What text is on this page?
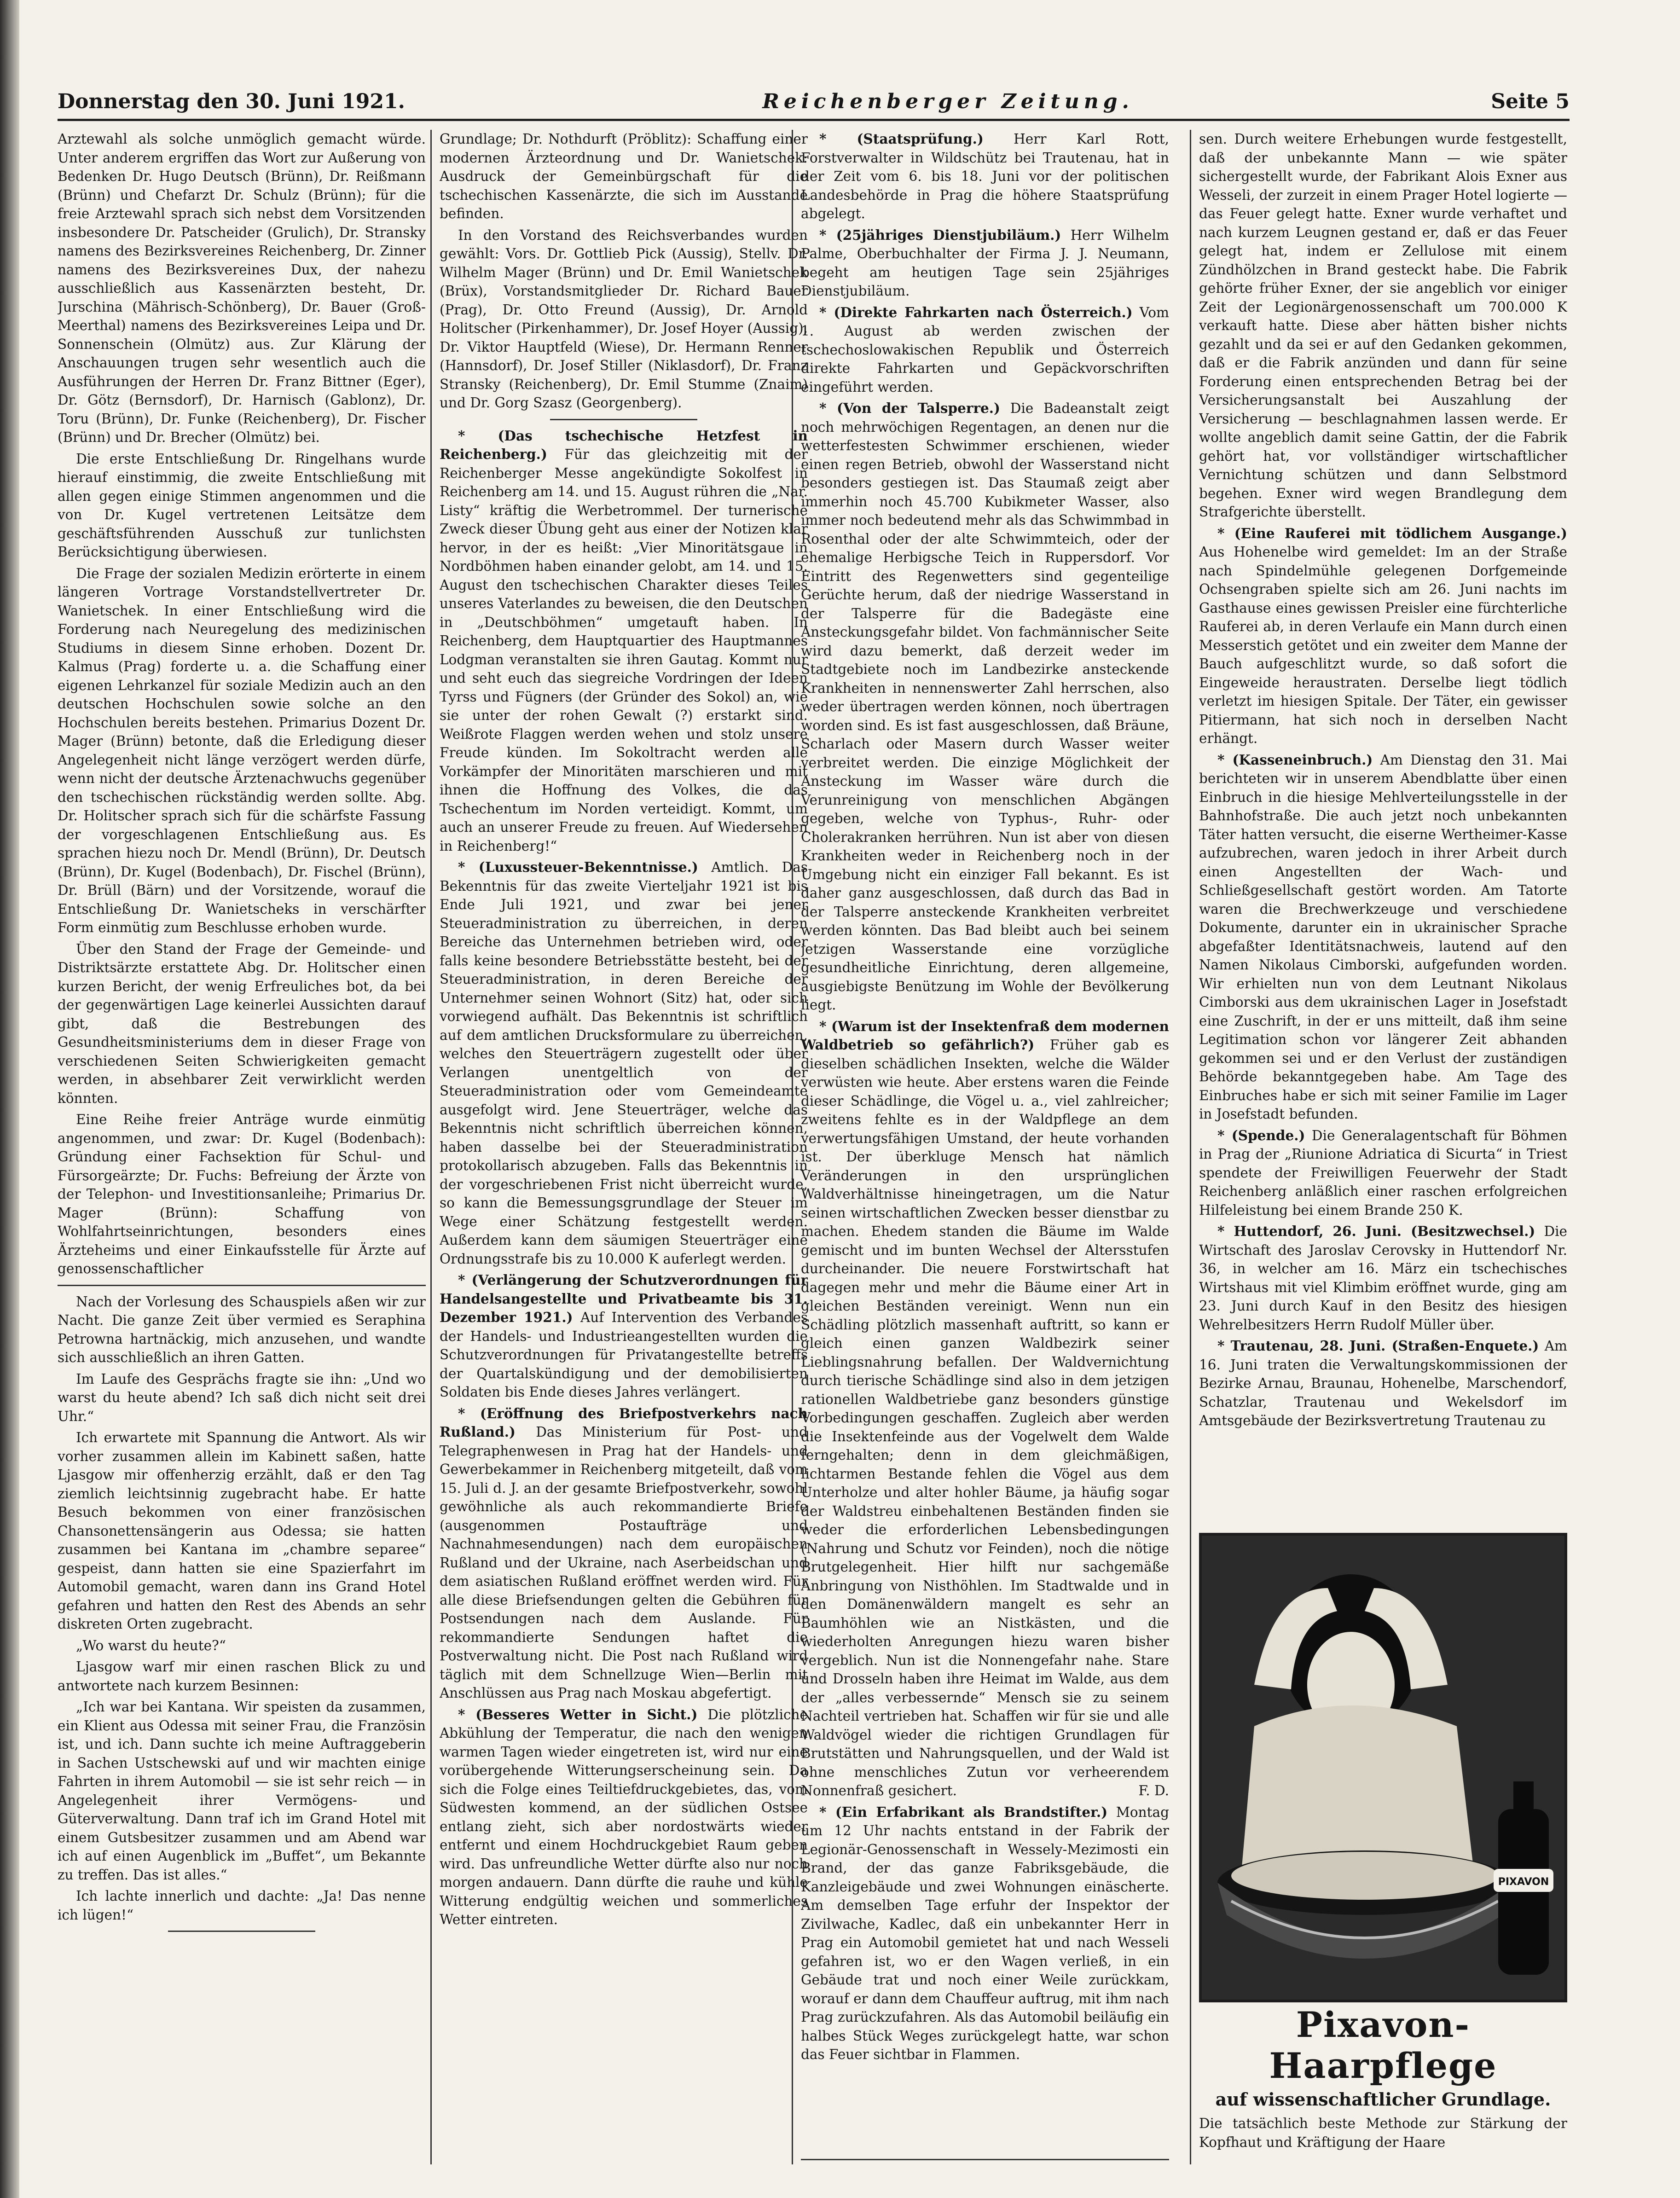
Donnerstag den 30. Juni 1921.	Reichenberger Zeitung.	Seite 5

Arztewahl als solche unmöglich gemacht würde. Unter anderem ergriffen das Wort zur Außerung von Bedenken Dr. Hugo Deutsch (Brünn), Dr. Reißmann (Brünn) und Chefarzt Dr. Schulz (Brünn); für die freie Arztewahl sprach sich nebst dem Vorsitzenden insbesondere Dr. Patscheider (Grulich), Dr. Stransky namens des Bezirksvereines Reichenberg, Dr. Zinner namens des Bezirksvereines Dux, der nahezu ausschließlich aus Kassenärzten besteht, Dr. Jurschina (Mährisch-Schönberg), Dr. Bauer (Groß-Meerthal) namens des Bezirksvereines Leipa und Dr. Sonnenschein (Olmütz) aus. Zur Klärung der Anschauungen trugen sehr wesentlich auch die Ausführungen der Herren Dr. Franz Bittner (Eger), Dr. Götz (Bernsdorf), Dr. Harnisch (Gablonz), Dr. Toru (Brünn), Dr. Funke (Reichenberg), Dr. Fischer (Brünn) und Dr. Brecher (Olmütz) bei.

Die erste Entschließung Dr. Ringelhans wurde hierauf einstimmig, die zweite Entschließung mit allen gegen einige Stimmen angenommen und die von Dr. Kugel vertretenen Leitsätze dem geschäftsführenden Ausschuß zur tunlichsten Berücksichtigung überwiesen.

Die Frage der sozialen Medizin erörterte in einem längeren Vortrage Vorstandstellvertreter Dr. Wanietschek. In einer Entschließung wird die Forderung nach Neuregelung des medizinischen Studiums in diesem Sinne erhoben. Dozent Dr. Kalmus (Prag) forderte u. a. die Schaffung einer eigenen Lehrkanzel für soziale Medizin auch an den deutschen Hochschulen sowie solche an den Hochschulen bereits bestehen. Primarius Dozent Dr. Mager (Brünn) betonte, daß die Erledigung dieser Angelegenheit nicht länge verzögert werden dürfe, wenn nicht der deutsche Ärztenachwuchs gegenüber den tschechischen rückständig werden sollte. Abg. Dr. Holitscher sprach sich für die schärfste Fassung der vorgeschlagenen Entschließung aus. Es sprachen hiezu noch Dr. Mendl (Brünn), Dr. Deutsch (Brünn), Dr. Kugel (Bodenbach), Dr. Fischel (Brünn), Dr. Brüll (Bärn) und der Vorsitzende, worauf die Entschließung Dr. Wanietscheks in verschärfter Form einmütig zum Beschlusse erhoben wurde.

Über den Stand der Frage der Gemeinde- und Distriktsärzte erstattete Abg. Dr. Holitscher einen kurzen Bericht, der wenig Erfreuliches bot, da bei der gegenwärtigen Lage keinerlei Aussichten darauf gibt, daß die Bestrebungen des Gesundheitsministeriums dem in dieser Frage von verschiedenen Seiten Schwierigkeiten gemacht werden, in absehbarer Zeit verwirklicht werden könnten.

Eine Reihe freier Anträge wurde einmütig angenommen, und zwar: Dr. Kugel (Bodenbach): Gründung einer Fachsektion für Schul- und Fürsorgeärzte; Dr. Fuchs: Befreiung der Ärzte von der Telephon- und Investitionsanleihe; Primarius Dr. Mager (Brünn): Schaffung von Wohlfahrtseinrichtungen, besonders eines Ärzteheims und einer Einkaufsstelle für Ärzte auf genossenschaftlicher

Nach der Vorlesung des Schauspiels aßen wir zur Nacht. Die ganze Zeit über vermied es Seraphina Petrowna hartnäckig, mich anzusehen, und wandte sich ausschließlich an ihren Gatten.

Im Laufe des Gesprächs fragte sie ihn: „Und wo warst du heute abend? Ich saß dich nicht seit drei Uhr.“

Ich erwartete mit Spannung die Antwort. Als wir vorher zusammen allein im Kabinett saßen, hatte Ljasgow mir offenherzig erzählt, daß er den Tag ziemlich leichtsinnig zugebracht habe. Er hatte Besuch bekommen von einer französischen Chansonettensängerin aus Odessa; sie hatten zusammen bei Kantana im „chambre separee“ gespeist, dann hatten sie eine Spazierfahrt im Automobil gemacht, waren dann ins Grand Hotel gefahren und hatten den Rest des Abends an sehr diskreten Orten zugebracht.

„Wo warst du heute?“

Ljasgow warf mir einen raschen Blick zu und antwortete nach kurzem Besinnen:

„Ich war bei Kantana. Wir speisten da zusammen, ein Klient aus Odessa mit seiner Frau, die Französin ist, und ich. Dann suchte ich meine Auftraggeberin in Sachen Ustschewski auf und wir machten einige Fahrten in ihrem Automobil — sie ist sehr reich — in Angelegenheit ihrer Vermögens- und Güterverwaltung. Dann traf ich im Grand Hotel mit einem Gutsbesitzer zusammen und am Abend war ich auf einen Augenblick im „Buffet“, um Bekannte zu treffen. Das ist alles.“

Ich lachte innerlich und dachte: „Ja! Das nenne ich lügen!“

Grundlage; Dr. Nothdurft (Pröblitz): Schaffung einer modernen Ärzteordnung und Dr. Wanietschek: Ausdruck der Gemeinbürgschaft für die tschechischen Kassenärzte, die sich im Ausstande befinden.

In den Vorstand des Reichsverbandes wurden gewählt: Vors. Dr. Gottlieb Pick (Aussig), Stellv. Dr. Wilhelm Mager (Brünn) und Dr. Emil Wanietschek (Brüx), Vorstandsmitglieder Dr. Richard Bauer (Prag), Dr. Otto Freund (Aussig), Dr. Arnold Holitscher (Pirkenhammer), Dr. Josef Hoyer (Aussig), Dr. Viktor Hauptfeld (Wiese), Dr. Hermann Renner (Hannsdorf), Dr. Josef Stiller (Niklasdorf), Dr. Franz Stransky (Reichenberg), Dr. Emil Stumme (Znaim) und Dr. Gorg Szasz (Georgenberg).

* (Das tschechische Hetzfest in Reichenberg.) Für das gleichzeitig mit der Reichenberger Messe angekündigte Sokolfest in Reichenberg am 14. und 15. August rühren die „Nar. Listy“ kräftig die Werbetrommel. Der turnerische Zweck dieser Übung geht aus einer der Notizen klar hervor, in der es heißt: „Vier Minoritätsgaue in Nordböhmen haben einander gelobt, am 14. und 15. August den tschechischen Charakter dieses Teiles unseres Vaterlandes zu beweisen, die den Deutschen in „Deutschböhmen“ umgetauft haben. In Reichenberg, dem Hauptquartier des Hauptmannes Lodgman veranstalten sie ihren Gautag. Kommt nur und seht euch das siegreiche Vordringen der Ideen Tyrss und Fügners (der Gründer des Sokol) an, wie sie unter der rohen Gewalt (?) erstarkt sind. Weißrote Flaggen werden wehen und stolz unsere Freude künden. Im Sokoltracht werden alle Vorkämpfer der Minoritäten marschieren und mit ihnen die Hoffnung des Volkes, die das Tschechentum im Norden verteidigt. Kommt, um auch an unserer Freude zu freuen. Auf Wiedersehen in Reichenberg!“

* (Luxussteuer-Bekenntnisse.) Amtlich. Das Bekenntnis für das zweite Vierteljahr 1921 ist bis Ende Juli 1921, und zwar bei jener Steueradministration zu überreichen, in deren Bereiche das Unternehmen betrieben wird, oder falls keine besondere Betriebsstätte besteht, bei der Steueradministration, in deren Bereiche der Unternehmer seinen Wohnort (Sitz) hat, oder sich vorwiegend aufhält. Das Bekenntnis ist schriftlich auf dem amtlichen Drucksformulare zu überreichen, welches den Steuerträgern zugestellt oder über Verlangen unentgeltlich von der Steueradministration oder vom Gemeindeamte ausgefolgt wird. Jene Steuerträger, welche das Bekenntnis nicht schriftlich überreichen können, haben dasselbe bei der Steueradministration protokollarisch abzugeben. Falls das Bekenntnis in der vorgeschriebenen Frist nicht überreicht wurde, so kann die Bemessungsgrundlage der Steuer im Wege einer Schätzung festgestellt werden. Außerdem kann dem säumigen Steuerträger eine Ordnungsstrafe bis zu 10.000 K auferlegt werden.

* (Verlängerung der Schutzverordnungen für Handelsangestellte und Privatbeamte bis 31. Dezember 1921.) Auf Intervention des Verbandes der Handels- und Industrieangestellten wurden die Schutzverordnungen für Privatangestellte betreffs der Quartalskündigung und der demobilisierten Soldaten bis Ende dieses Jahres verlängert.

* (Eröffnung des Briefpostverkehrs nach Rußland.) Das Ministerium für Post- und Telegraphenwesen in Prag hat der Handels- und Gewerbekammer in Reichenberg mitgeteilt, daß vom 15. Juli d. J. an der gesamte Briefpostverkehr, sowohl gewöhnliche als auch rekommandierte Briefe (ausgenommen Postaufträge und Nachnahmesendungen) nach dem europäischen Rußland und der Ukraine, nach Aserbeidschan und dem asiatischen Rußland eröffnet werden wird. Für alle diese Briefsendungen gelten die Gebühren für Postsendungen nach dem Auslande. Für rekommandierte Sendungen haftet die Postverwaltung nicht. Die Post nach Rußland wird täglich mit dem Schnellzuge Wien—Berlin mit Anschlüssen aus Prag nach Moskau abgefertigt.

* (Besseres Wetter in Sicht.) Die plötzliche Abkühlung der Temperatur, die nach den wenigen warmen Tagen wieder eingetreten ist, wird nur eine vorübergehende Witterungserscheinung sein. Da sich die Folge eines Teiltiefdruckgebietes, das, vom Südwesten kommend, an der südlichen Ostsee entlang zieht, sich aber nordostwärts wieder entfernt und einem Hochdruckgebiet Raum geben wird. Das unfreundliche Wetter dürfte also nur noch morgen andauern. Dann dürfte die rauhe und kühle Witterung endgültig weichen und sommerliches Wetter eintreten.

* (Staatsprüfung.) Herr Karl Rott, Forstverwalter in Wildschütz bei Trautenau, hat in der Zeit vom 6. bis 18. Juni vor der politischen Landesbehörde in Prag die höhere Staatsprüfung abgelegt.

* (25jähriges Dienstjubiläum.) Herr Wilhelm Palme, Oberbuchhalter der Firma J. J. Neumann, begeht am heutigen Tage sein 25jähriges Dienstjubiläum.

* (Direkte Fahrkarten nach Österreich.) Vom 1. August ab werden zwischen der tschechoslowakischen Republik und Österreich direkte Fahrkarten und Gepäckvorschriften eingeführt werden.

* (Von der Talsperre.) Die Badeanstalt zeigt noch mehrwöchigen Regentagen, an denen nur die wetterfestesten Schwimmer erschienen, wieder einen regen Betrieb, obwohl der Wasserstand nicht besonders gestiegen ist. Das Staumaß zeigt aber immerhin noch 45.700 Kubikmeter Wasser, also immer noch bedeutend mehr als das Schwimmbad in Rosenthal oder der alte Schwimmteich, oder der ehemalige Herbigsche Teich in Ruppersdorf. Vor Eintritt des Regenwetters sind gegenteilige Gerüchte herum, daß der niedrige Wasserstand in der Talsperre für die Badegäste eine Ansteckungsgefahr bildet. Von fachmännischer Seite wird dazu bemerkt, daß derzeit weder im Stadtgebiete noch im Landbezirke ansteckende Krankheiten in nennenswerter Zahl herrschen, also weder übertragen werden können, noch übertragen worden sind. Es ist fast ausgeschlossen, daß Bräune, Scharlach oder Masern durch Wasser weiter verbreitet werden. Die einzige Möglichkeit der Ansteckung im Wasser wäre durch die Verunreinigung von menschlichen Abgängen gegeben, welche von Typhus-, Ruhr- oder Cholerakranken herrühren. Nun ist aber von diesen Krankheiten weder in Reichenberg noch in der Umgebung nicht ein einziger Fall bekannt. Es ist daher ganz ausgeschlossen, daß durch das Bad in der Talsperre ansteckende Krankheiten verbreitet werden könnten. Das Bad bleibt auch bei seinem jetzigen Wasserstande eine vorzügliche gesundheitliche Einrichtung, deren allgemeine, ausgiebigste Benützung im Wohle der Bevölkerung liegt.

* (Warum ist der Insektenfraß dem modernen Waldbetrieb so gefährlich?) Früher gab es dieselben schädlichen Insekten, welche die Wälder verwüsten wie heute. Aber erstens waren die Feinde dieser Schädlinge, die Vögel u. a., viel zahlreicher; zweitens fehlte es in der Waldpflege an dem verwertungsfähigen Umstand, der heute vorhanden ist. Der überkluge Mensch hat nämlich Veränderungen in den ursprünglichen Waldverhältnisse hineingetragen, um die Natur seinen wirtschaftlichen Zwecken besser dienstbar zu machen. Ehedem standen die Bäume im Walde gemischt und im bunten Wechsel der Altersstufen durcheinander. Die neuere Forstwirtschaft hat dagegen mehr und mehr die Bäume einer Art in gleichen Beständen vereinigt. Wenn nun ein Schädling plötzlich massenhaft auftritt, so kann er gleich einen ganzen Waldbezirk seiner Lieblingsnahrung befallen. Der Waldvernichtung durch tierische Schädlinge sind also in dem jetzigen rationellen Waldbetriebe ganz besonders günstige Vorbedingungen geschaffen. Zugleich aber werden die Insektenfeinde aus der Vogelwelt dem Walde ferngehalten; denn in dem gleichmäßigen, lichtarmen Bestande fehlen die Vögel aus dem Unterholze und alter hohler Bäume, ja häufig sogar der Waldstreu einbehaltenen Beständen finden sie weder die erforderlichen Lebensbedingungen (Nahrung und Schutz vor Feinden), noch die nötige Brutgelegenheit. Hier hilft nur sachgemäße Anbringung von Nisthöhlen. Im Stadtwalde und in den Domänenwäldern mangelt es sehr an Baumhöhlen wie an Nistkästen, und die wiederholten Anregungen hiezu waren bisher vergeblich. Nun ist die Nonnengefahr nahe. Stare und Drosseln haben ihre Heimat im Walde, aus dem der „alles verbessernde“ Mensch sie zu seinem Nachteil vertrieben hat. Schaffen wir für sie und alle Waldvögel wieder die richtigen Grundlagen für Brutstätten und Nahrungsquellen, und der Wald ist ohne menschliches Zutun vor verheerendem Nonnenfraß gesichert.	F. D.

* (Ein Erfabrikant als Brandstifter.) Montag um 12 Uhr nachts entstand in der Fabrik der Legionär-Genossenschaft in Wessely-Mezimosti ein Brand, der das ganze Fabriksgebäude, die Kanzleigebäude und zwei Wohnungen einäscherte. Am demselben Tage erfuhr der Inspektor der Zivilwache, Kadlec, daß ein unbekannter Herr in Prag ein Automobil gemietet hat und nach Wesseli gefahren ist, wo er den Wagen verließ, in ein Gebäude trat und noch einer Weile zurückkam, worauf er dann dem Chauffeur auftrug, mit ihm nach Prag zurückzufahren. Als das Automobil beiläufig ein halbes Stück Weges zurückgelegt hatte, war schon das Feuer sichtbar in Flammen.

sen. Durch weitere Erhebungen wurde festgestellt, daß der unbekannte Mann — wie später sichergestellt wurde, der Fabrikant Alois Exner aus Wesseli, der zurzeit in einem Prager Hotel logierte — das Feuer gelegt hatte. Exner wurde verhaftet und nach kurzem Leugnen gestand er, daß er das Feuer gelegt hat, indem er Zellulose mit einem Zündhölzchen in Brand gesteckt habe. Die Fabrik gehörte früher Exner, der sie angeblich vor einiger Zeit der Legionärgenossenschaft um 700.000 K verkauft hatte. Diese aber hätten bisher nichts gezahlt und da sei er auf den Gedanken gekommen, daß er die Fabrik anzünden und dann für seine Forderung einen entsprechenden Betrag bei der Versicherungsanstalt bei Auszahlung der Versicherung — beschlagnahmen lassen werde. Er wollte angeblich damit seine Gattin, der die Fabrik gehört hat, vor vollständiger wirtschaftlicher Vernichtung schützen und dann Selbstmord begehen. Exner wird wegen Brandlegung dem Strafgerichte überstellt.

* (Eine Rauferei mit tödlichem Ausgange.) Aus Hohenelbe wird gemeldet: Im an der Straße nach Spindelmühle gelegenen Dorfgemeinde Ochsengraben spielte sich am 26. Juni nachts im Gasthause eines gewissen Preisler eine fürchterliche Rauferei ab, in deren Verlaufe ein Mann durch einen Messerstich getötet und ein zweiter dem Manne der Bauch aufgeschlitzt wurde, so daß sofort die Eingeweide heraustraten. Derselbe liegt tödlich verletzt im hiesigen Spitale. Der Täter, ein gewisser Pitiermann, hat sich noch in derselben Nacht erhängt.

* (Kasseneinbruch.) Am Dienstag den 31. Mai berichteten wir in unserem Abendblatte über einen Einbruch in die hiesige Mehlverteilungsstelle in der Bahnhofstraße. Die auch jetzt noch unbekannten Täter hatten versucht, die eiserne Wertheimer-Kasse aufzubrechen, waren jedoch in ihrer Arbeit durch einen Angestellten der Wach- und Schließgesellschaft gestört worden. Am Tatorte waren die Brechwerkzeuge und verschiedene Dokumente, darunter ein in ukrainischer Sprache abgefaßter Identitätsnachweis, lautend auf den Namen Nikolaus Cimborski, aufgefunden worden. Wir erhielten nun von dem Leutnant Nikolaus Cimborski aus dem ukrainischen Lager in Josefstadt eine Zuschrift, in der er uns mitteilt, daß ihm seine Legitimation schon vor längerer Zeit abhanden gekommen sei und er den Verlust der zuständigen Behörde bekanntgegeben habe. Am Tage des Einbruches habe er sich mit seiner Familie im Lager in Josefstadt befunden.

* (Spende.) Die Generalagentschaft für Böhmen in Prag der „Riunione Adriatica di Sicurta“ in Triest spendete der Freiwilligen Feuerwehr der Stadt Reichenberg anläßlich einer raschen erfolgreichen Hilfeleistung bei einem Brande 250 K.

* Huttendorf, 26. Juni. (Besitzwechsel.) Die Wirtschaft des Jaroslav Cerovsky in Huttendorf Nr. 36, in welcher am 16. März ein tschechisches Wirtshaus mit viel Klimbim eröffnet wurde, ging am 23. Juni durch Kauf in den Besitz des hiesigen Wehrelbesitzers Herrn Rudolf Müller über.

* Trautenau, 28. Juni. (Straßen-Enquete.) Am 16. Juni traten die Verwaltungskommissionen der Bezirke Arnau, Braunau, Hohenelbe, Marschendorf, Schatzlar, Trautenau und Wekelsdorf im Amtsgebäude der Bezirksvertretung Trautenau zu

PIXAVON
Pixavon-Haarpflege
auf wissenschaftlicher Grundlage.
Die tatsächlich beste Methode zur Stärkung der Kopfhaut und Kräftigung der Haare
